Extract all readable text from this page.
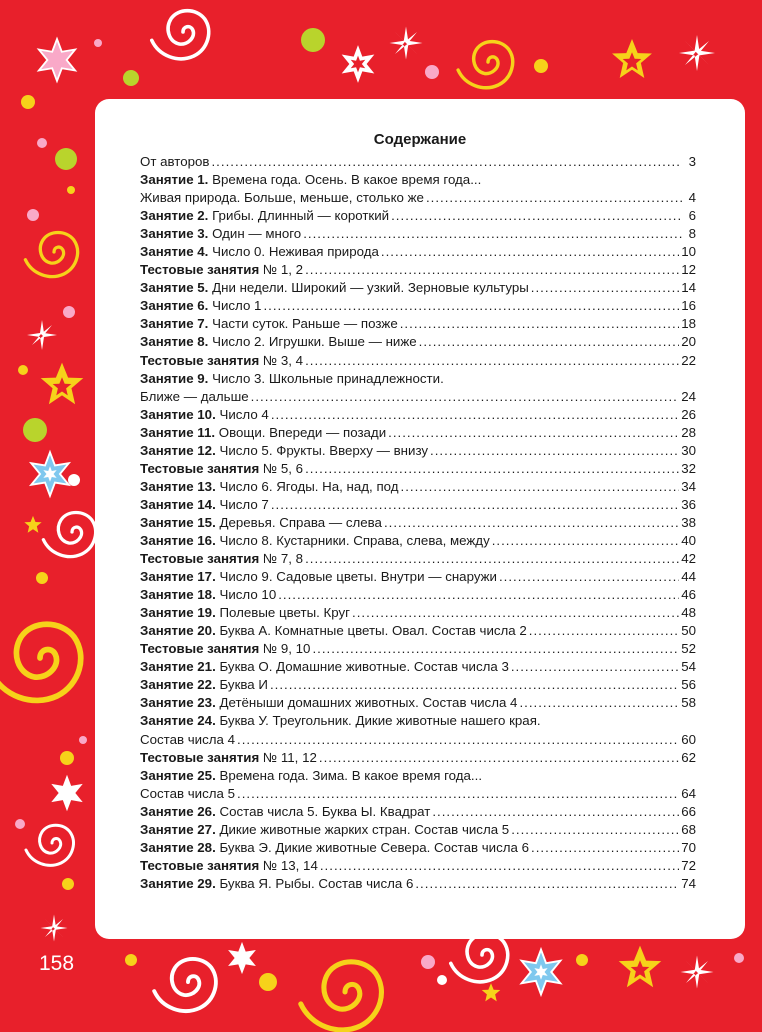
Содержание
От авторов .....	3
Занятие 1. Времена года. Осень. В какое время года...
Живая природа. Больше, меньше, столько же .....	4
Занятие 2. Грибы. Длинный — короткий .....	6
Занятие 3. Один — много .....	8
Занятие 4. Число 0. Неживая природа .....	10
Тестовые занятия № 1, 2 .....	12
Занятие 5. Дни недели. Широкий — узкий. Зерновые культуры .....	14
Занятие 6. Число 1 .....	16
Занятие 7. Части суток. Раньше — позже .....	18
Занятие 8. Число 2. Игрушки. Выше — ниже .....	20
Тестовые занятия № 3, 4 .....	22
Занятие 9. Число 3. Школьные принадлежности.
Ближе — дальше .....	24
Занятие 10. Число 4 .....	26
Занятие 11. Овощи. Впереди — позади .....	28
Занятие 12. Число 5. Фрукты. Вверху — внизу .....	30
Тестовые занятия № 5, 6 .....	32
Занятие 13. Число 6. Ягоды. На, над, под .....	34
Занятие 14. Число 7 .....	36
Занятие 15. Деревья. Справа — слева .....	38
Занятие 16. Число 8. Кустарники. Справа, слева, между .....	40
Тестовые занятия № 7, 8 .....	42
Занятие 17. Число 9. Садовые цветы. Внутри — снаружи .....	44
Занятие 18. Число 10 .....	46
Занятие 19. Полевые цветы. Круг .....	48
Занятие 20. Буква А. Комнатные цветы. Овал. Состав числа 2 .....	50
Тестовые занятия № 9, 10 .....	52
Занятие 21. Буква О. Домашние животные. Состав числа 3 .....	54
Занятие 22. Буква И .....	56
Занятие 23. Детёныши домашних животных. Состав числа 4 .....	58
Занятие 24. Буква У. Треугольник. Дикие животные нашего края.
Состав числа 4 .....	60
Тестовые занятия № 11, 12 .....	62
Занятие 25. Времена года. Зима. В какое время года...
Состав числа 5 .....	64
Занятие 26. Состав числа 5. Буква Ы. Квадрат .....	66
Занятие 27. Дикие животные жарких стран. Состав числа 5 .....	68
Занятие 28. Буква Э. Дикие животные Севера. Состав числа 6 .....	70
Тестовые занятия № 13, 14 .....	72
Занятие 29. Буква Я. Рыбы. Состав числа 6 .....	74
158
